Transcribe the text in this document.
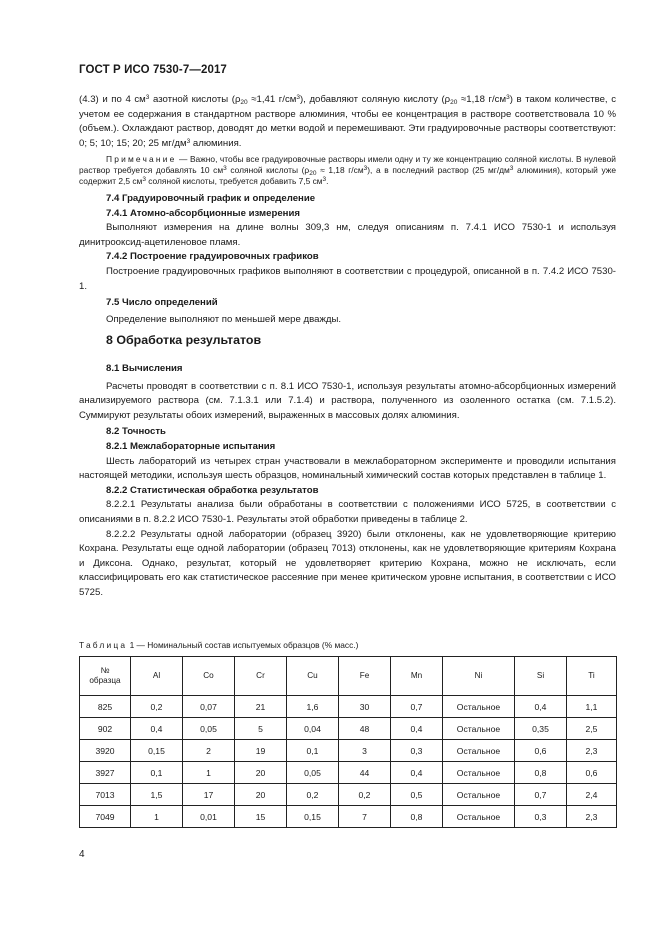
ГОСТ Р ИСО 7530-7—2017

(4.3) и по 4 $см^3$ азотной кислоты ($\rho_{20} \approx 1,41$ $г/см^3$), добавляют соляную кислоту ($\rho_{20} \approx 1,18$ $г/см^3$) в таком количестве, с учетом ее содержания в стандартном растворе алюминия, чтобы ее концентрация в растворе соответствовала 10 % (объем.). Охлаждают раствор, доводят до метки водой и перемешивают. Эти градуировочные растворы соответствуют: 0; 5; 10; 15; 20; 25 $мг/дм^3$ алюминия.

Примечание — Важно, чтобы все градуировочные растворы имели одну и ту же концентрацию соляной кислоты. В нулевой раствор требуется добавлять 10 $см^3$ соляной кислоты ($\rho_{20} \approx 1,18$ $г/см^3$), а в последний раствор (25 $мг/дм^3$ алюминия), который уже содержит 2,5 $см^3$ соляной кислоты, требуется добавить 7,5 $см^3$.

7.4 Градуировочный график и определение
7.4.1 Атомно-абсорбционные измерения

Выполняют измерения на длине волны 309,3 нм, следуя описаниям п. 7.4.1 ИСО 7530-1 и используя динитрооксид-ацетиленовое пламя.

7.4.2 Построение градуировочных графиков

Построение градуировочных графиков выполняют в соответствии с процедурой, описанной в п. 7.4.2 ИСО 7530-1.

7.5 Число определений

Определение выполняют по меньшей мере дважды.

8 Обработка результатов
8.1 Вычисления

Расчеты проводят в соответствии с п. 8.1 ИСО 7530-1, используя результаты атомно-абсорбционных измерений анализируемого раствора (см. 7.1.3.1 или 7.1.4) и раствора, полученного из озоленного остатка (см. 7.1.5.2). Суммируют результаты обоих измерений, выраженных в массовых долях алюминия.

8.2 Точность
8.2.1 Межлабораторные испытания

Шесть лабораторий из четырех стран участвовали в межлабораторном эксперименте и проводили испытания настоящей методики, используя шесть образцов, номинальный химический состав которых представлен в таблице 1.

8.2.2 Статистическая обработка результатов

8.2.2.1 Результаты анализа были обработаны в соответствии с положениями ИСО 5725, в соответствии с описаниями в п. 8.2.2 ИСО 7530-1. Результаты этой обработки приведены в таблице 2.

8.2.2.2 Результаты одной лаборатории (образец 3920) были отклонены, как не удовлетворяющие критерию Кохрана. Результаты еще одной лаборатории (образец 7013) отклонены, как не удовлетворяющие критериям Кохрана и Диксона. Однако, результат, который не удовлетворяет критерию Кохрана, можно не исключать, если классифицировать его как статистическое рассеяние при менее критическом уровне испытания, в соответствии с ИСО 5725.

Таблица 1 — Номинальный состав испытуемых образцов (% масс.)
№ образца	Al	Co	Cr	Cu	Fe	Mn	Ni	Si	Ti
825	0,2	0,07	21	1,6	30	0,7	Остальное	0,4	1,1
902	0,4	0,05	5	0,04	48	0,4	Остальное	0,35	2,5
3920	0,15	2	19	0,1	3	0,3	Остальное	0,6	2,3
3927	0,1	1	20	0,05	44	0,4	Остальное	0,8	0,6
7013	1,5	17	20	0,2	0,2	0,5	Остальное	0,7	2,4
7049	1	0,01	15	0,15	7	0,8	Остальное	0,3	2,3
4
